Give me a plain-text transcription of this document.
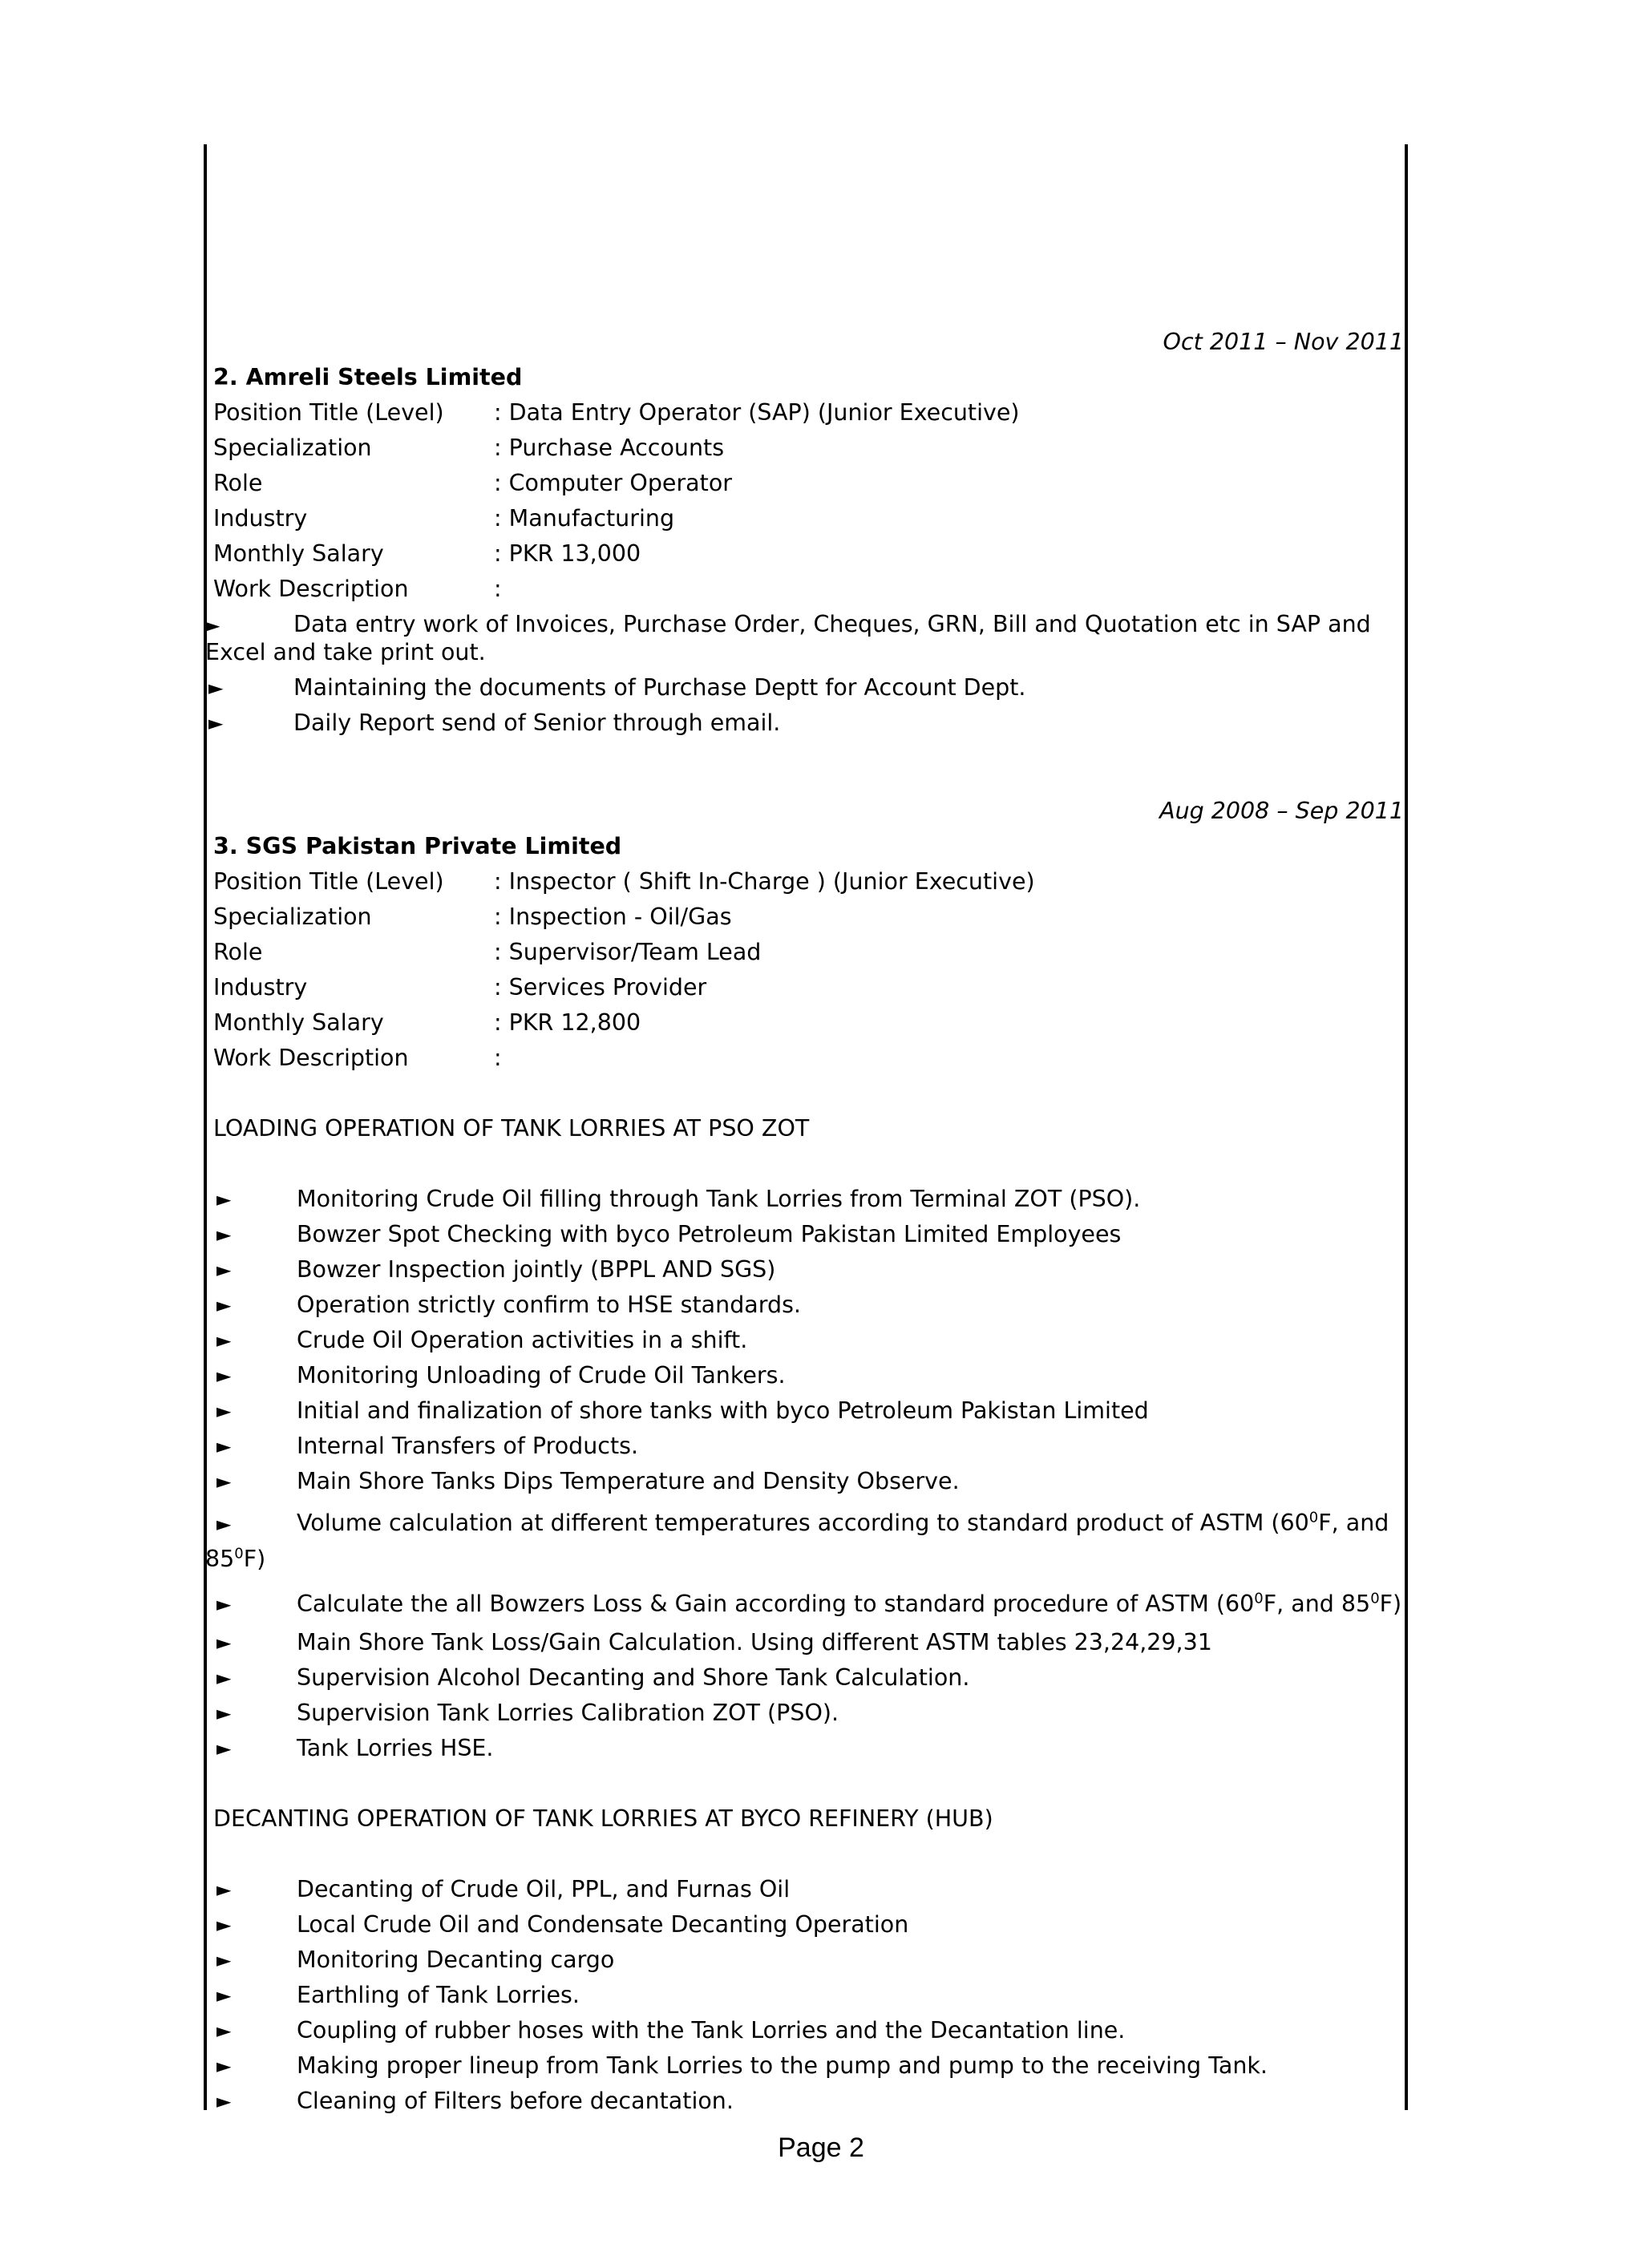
Oct 2011 – Nov 2011
2. Amreli Steels Limited
Position Title (Level)	: Data Entry Operator (SAP) (Junior Executive)
Specialization	: Purchase Accounts
Role	: Computer Operator
Industry	: Manufacturing
Monthly Salary	: PKR 13,000
Work Description	:
►	Data entry work of Invoices, Purchase Order, Cheques, GRN, Bill and Quotation etc in SAP and Excel and take print out.
►	Maintaining the documents of Purchase Deptt for Account Dept.
►	Daily Report send of Senior through email.
Aug 2008 – Sep 2011
3. SGS Pakistan Private Limited
Position Title (Level)	: Inspector ( Shift In-Charge ) (Junior Executive)
Specialization	: Inspection - Oil/Gas
Role	: Supervisor/Team Lead
Industry	: Services Provider
Monthly Salary	: PKR 12,800
Work Description	:
LOADING OPERATION OF TANK LORRIES AT PSO ZOT
►	Monitoring Crude Oil filling through Tank Lorries from Terminal ZOT (PSO).
►	Bowzer Spot Checking with byco Petroleum Pakistan Limited Employees
►	Bowzer Inspection jointly (BPPL AND SGS)
►	Operation strictly confirm to HSE standards.
►	Crude Oil Operation activities in a shift.
►	Monitoring Unloading of Crude Oil Tankers.
►	Initial and finalization of shore tanks with byco Petroleum Pakistan Limited
►	Internal Transfers of Products.
►	Main Shore Tanks Dips Temperature and Density Observe.
►	Volume calculation at different temperatures according to standard product of ASTM ($60^0F$, and
$85^0F$)
►	Calculate the all Bowzers Loss & Gain according to standard procedure of ASTM ($60^0F$, and $85^0F$)
►	Main Shore Tank Loss/Gain Calculation. Using different ASTM tables 23,24,29,31
►	Supervision Alcohol Decanting and Shore Tank Calculation.
►	Supervision Tank Lorries Calibration ZOT (PSO).
►	Tank Lorries HSE.
DECANTING OPERATION OF TANK LORRIES AT BYCO REFINERY (HUB)
►	Decanting of Crude Oil, PPL, and Furnas Oil
►	Local Crude Oil and Condensate Decanting Operation
►	Monitoring Decanting cargo
►	Earthling of Tank Lorries.
►	Coupling of rubber hoses with the Tank Lorries and the Decantation line.
►	Making proper lineup from Tank Lorries to the pump and pump to the receiving Tank.
►	Cleaning of Filters before decantation.
Page 2
